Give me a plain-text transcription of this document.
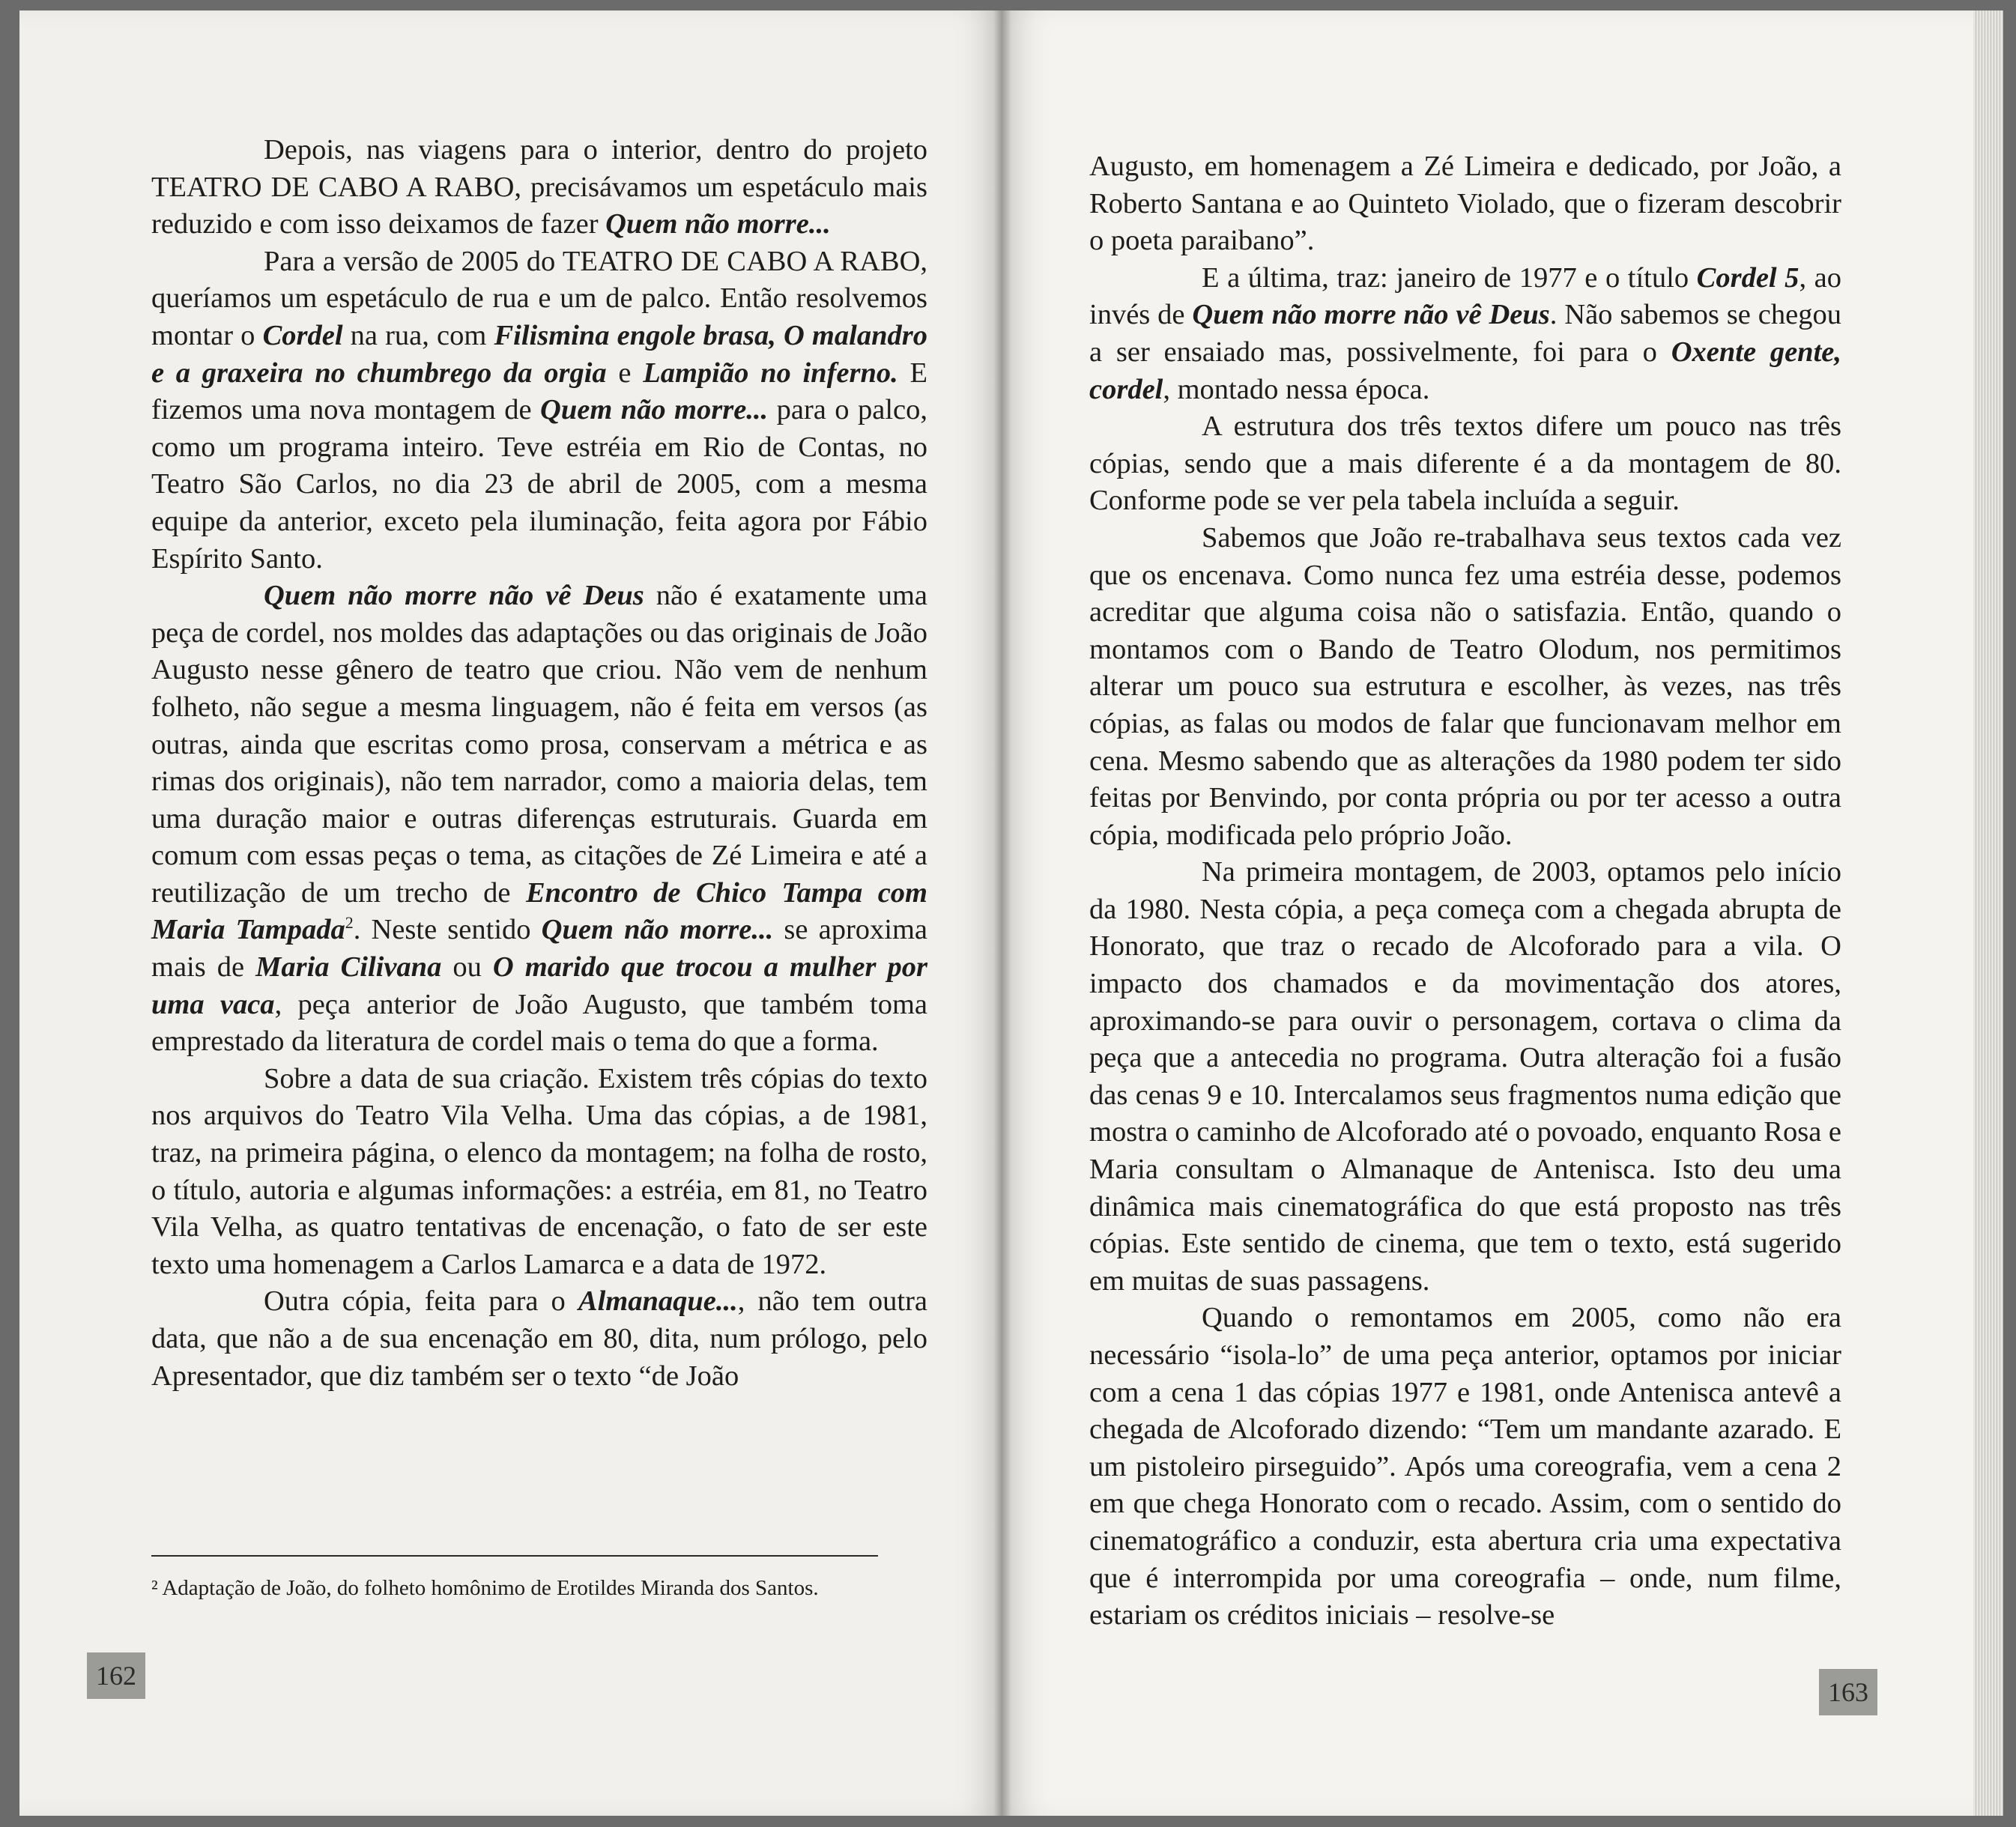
Depois, nas viagens para o interior, dentro do projeto TEATRO DE CABO A RABO, precisávamos um espetáculo mais reduzido e com isso deixamos de fazer Quem não morre...

Para a versão de 2005 do TEATRO DE CABO A RABO, queríamos um espetáculo de rua e um de palco. Então resolvemos montar o Cordel na rua, com Filismina engole brasa, O malandro e a graxeira no chumbrego da orgia e Lampião no inferno. E fizemos uma nova montagem de Quem não morre... para o palco, como um programa inteiro. Teve estréia em Rio de Contas, no Teatro São Carlos, no dia 23 de abril de 2005, com a mesma equipe da anterior, exceto pela iluminação, feita agora por Fábio Espírito Santo.

Quem não morre não vê Deus não é exatamente uma peça de cordel, nos moldes das adaptações ou das originais de João Augusto nesse gênero de teatro que criou. Não vem de nenhum folheto, não segue a mesma linguagem, não é feita em versos (as outras, ainda que escritas como prosa, conservam a métrica e as rimas dos originais), não tem narrador, como a maioria delas, tem uma duração maior e outras diferenças estruturais. Guarda em comum com essas peças o tema, as citações de Zé Limeira e até a reutilização de um trecho de Encontro de Chico Tampa com Maria Tampada$^2$. Neste sentido Quem não morre... se aproxima mais de Maria Cilivana ou O marido que trocou a mulher por uma vaca, peça anterior de João Augusto, que também toma emprestado da literatura de cordel mais o tema do que a forma.

Sobre a data de sua criação. Existem três cópias do texto nos arquivos do Teatro Vila Velha. Uma das cópias, a de 1981, traz, na primeira página, o elenco da montagem; na folha de rosto, o título, autoria e algumas informações: a estréia, em 81, no Teatro Vila Velha, as quatro tentativas de encenação, o fato de ser este texto uma homenagem a Carlos Lamarca e a data de 1972.

Outra cópia, feita para o Almanaque..., não tem outra data, que não a de sua encenação em 80, dita, num prólogo, pelo Apresentador, que diz também ser o texto “de João

² Adaptação de João, do folheto homônimo de Erotildes Miranda dos Santos.
162

Augusto, em homenagem a Zé Limeira e dedicado, por João, a Roberto Santana e ao Quinteto Violado, que o fizeram descobrir o poeta paraibano”.

E a última, traz: janeiro de 1977 e o título Cordel 5, ao invés de Quem não morre não vê Deus. Não sabemos se chegou a ser ensaiado mas, possivelmente, foi para o Oxente gente, cordel, montado nessa época.

A estrutura dos três textos difere um pouco nas três cópias, sendo que a mais diferente é a da montagem de 80. Conforme pode se ver pela tabela incluída a seguir.

Sabemos que João re-trabalhava seus textos cada vez que os encenava. Como nunca fez uma estréia desse, podemos acreditar que alguma coisa não o satisfazia. Então, quando o montamos com o Bando de Teatro Olodum, nos permitimos alterar um pouco sua estrutura e escolher, às vezes, nas três cópias, as falas ou modos de falar que funcionavam melhor em cena. Mesmo sabendo que as alterações da 1980 podem ter sido feitas por Benvindo, por conta própria ou por ter acesso a outra cópia, modificada pelo próprio João.

Na primeira montagem, de 2003, optamos pelo início da 1980. Nesta cópia, a peça começa com a chegada abrupta de Honorato, que traz o recado de Alcoforado para a vila. O impacto dos chamados e da movimentação dos atores, aproximando-se para ouvir o personagem, cortava o clima da peça que a antecedia no programa. Outra alteração foi a fusão das cenas 9 e 10. Intercalamos seus fragmentos numa edição que mostra o caminho de Alcoforado até o povoado, enquanto Rosa e Maria consultam o Almanaque de Antenisca. Isto deu uma dinâmica mais cinematográfica do que está proposto nas três cópias. Este sentido de cinema, que tem o texto, está sugerido em muitas de suas passagens.

Quando o remontamos em 2005, como não era necessário “isola-lo” de uma peça anterior, optamos por iniciar com a cena 1 das cópias 1977 e 1981, onde Antenisca antevê a chegada de Alcoforado dizendo: “Tem um mandante azarado. E um pistoleiro pirseguido”. Após uma coreografia, vem a cena 2 em que chega Honorato com o recado. Assim, com o sentido do cinematográfico a conduzir, esta abertura cria uma expectativa que é interrompida por uma coreografia – onde, num filme, estariam os créditos iniciais – resolve-se

163
